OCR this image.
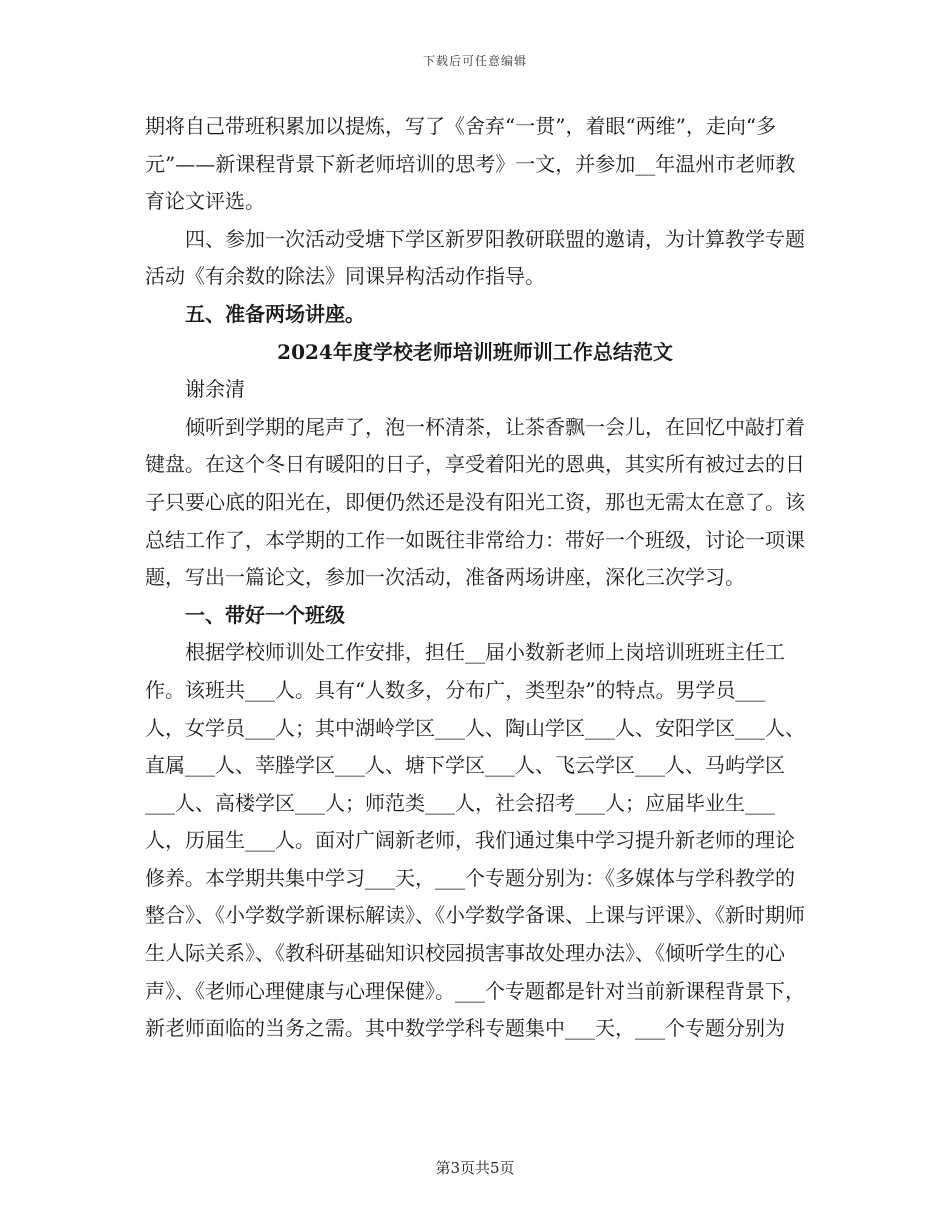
下载后可任意编辑

期将自己带班积累加以提炼，写了《舍弃“一贯”，着眼“两维”，走向“多元”——新课程背景下新老师培训的思考》一文，并参加__年温州市老师教育论文评选。

四、参加一次活动受塘下学区新罗阳教研联盟的邀请，为计算教学专题活动《有余数的除法》同课异构活动作指导。

五、准备两场讲座。

2024年度学校老师培训班师训工作总结范文

谢余清

倾听到学期的尾声了，泡一杯清茶，让茶香飘一会儿，在回忆中敲打着键盘。在这个冬日有暖阳的日子，享受着阳光的恩典，其实所有被过去的日子只要心底的阳光在，即便仍然还是没有阳光工资，那也无需太在意了。该总结工作了，本学期的工作一如既往非常给力：带好一个班级，讨论一项课题，写出一篇论文，参加一次活动，准备两场讲座，深化三次学习。

一、带好一个班级

根据学校师训处工作安排，担任__届小数新老师上岗培训班班主任工作。该班共___人。具有“人数多，分布广，类型杂”的特点。男学员___人，女学员___人；其中湖岭学区___人、陶山学区___人、安阳学区___人、直属___人、莘塍学区___人、塘下学区___人、飞云学区___人、马屿学区___人、高楼学区___人；师范类___人，社会招考___人；应届毕业生___人，历届生___人。面对广阔新老师，我们通过集中学习提升新老师的理论修养。本学期共集中学习___天，___个专题分别为：《多媒体与学科教学的整合》、《小学数学新课标解读》、《小学数学备课、上课与评课》、《新时期师生人际关系》、《教科研基础知识校园损害事故处理办法》、《倾听学生的心声》、《老师心理健康与心理保健》。___个专题都是针对当前新课程背景下，新老师面临的当务之需。其中数学学科专题集中___天，___个专题分别为

第3页共5页
